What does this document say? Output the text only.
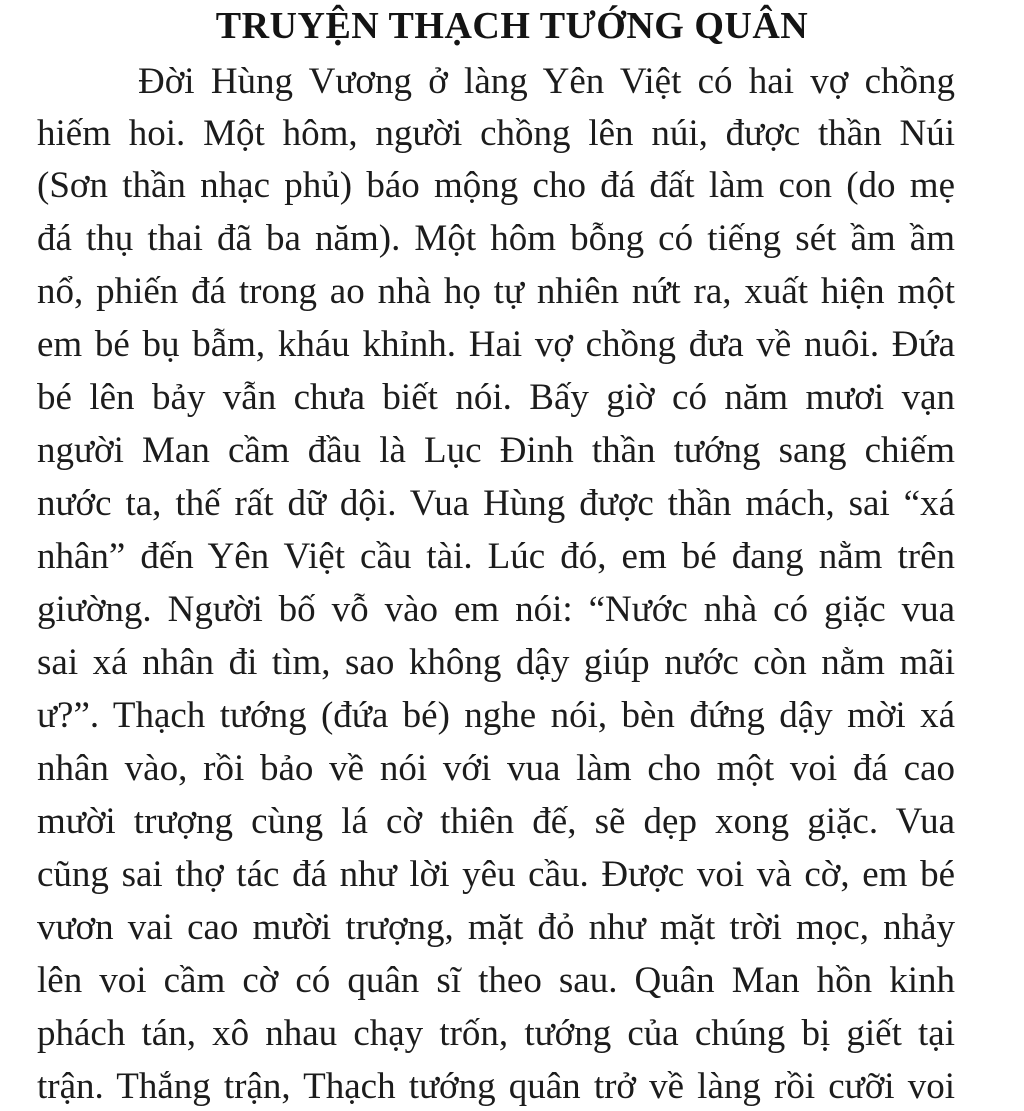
TRUYỆN THẠCH TƯỚNG QUÂN
Đời Hùng Vương ở làng Yên Việt có hai vợ chồng
hiếm hoi. Một hôm, người chồng lên núi, được thần Núi
(Sơn thần nhạc phủ) báo mộng cho đá đất làm con (do mẹ
đá thụ thai đã ba năm). Một hôm bỗng có tiếng sét ầm ầm
nổ, phiến đá trong ao nhà họ tự nhiên nứt ra, xuất hiện một
em bé bụ bẫm, kháu khỉnh. Hai vợ chồng đưa về nuôi. Đứa
bé lên bảy vẫn chưa biết nói. Bấy giờ có năm mươi vạn
người Man cầm đầu là Lục Đinh thần tướng sang chiếm
nước ta, thế rất dữ dội. Vua Hùng được thần mách, sai “xá
nhân” đến Yên Việt cầu tài. Lúc đó, em bé đang nằm trên
giường. Người bố vỗ vào em nói: “Nước nhà có giặc vua
sai xá nhân đi tìm, sao không dậy giúp nước còn nằm mãi
ư?”. Thạch tướng (đứa bé) nghe nói, bèn đứng dậy mời xá
nhân vào, rồi bảo về nói với vua làm cho một voi đá cao
mười trượng cùng lá cờ thiên đế, sẽ dẹp xong giặc. Vua
cũng sai thợ tác đá như lời yêu cầu. Được voi và cờ, em bé
vươn vai cao mười trượng, mặt đỏ như mặt trời mọc, nhảy
lên voi cầm cờ có quân sĩ theo sau. Quân Man hồn kinh
phách tán, xô nhau chạy trốn, tướng của chúng bị giết tại
trận. Thắng trận, Thạch tướng quân trở về làng rồi cưỡi voi
